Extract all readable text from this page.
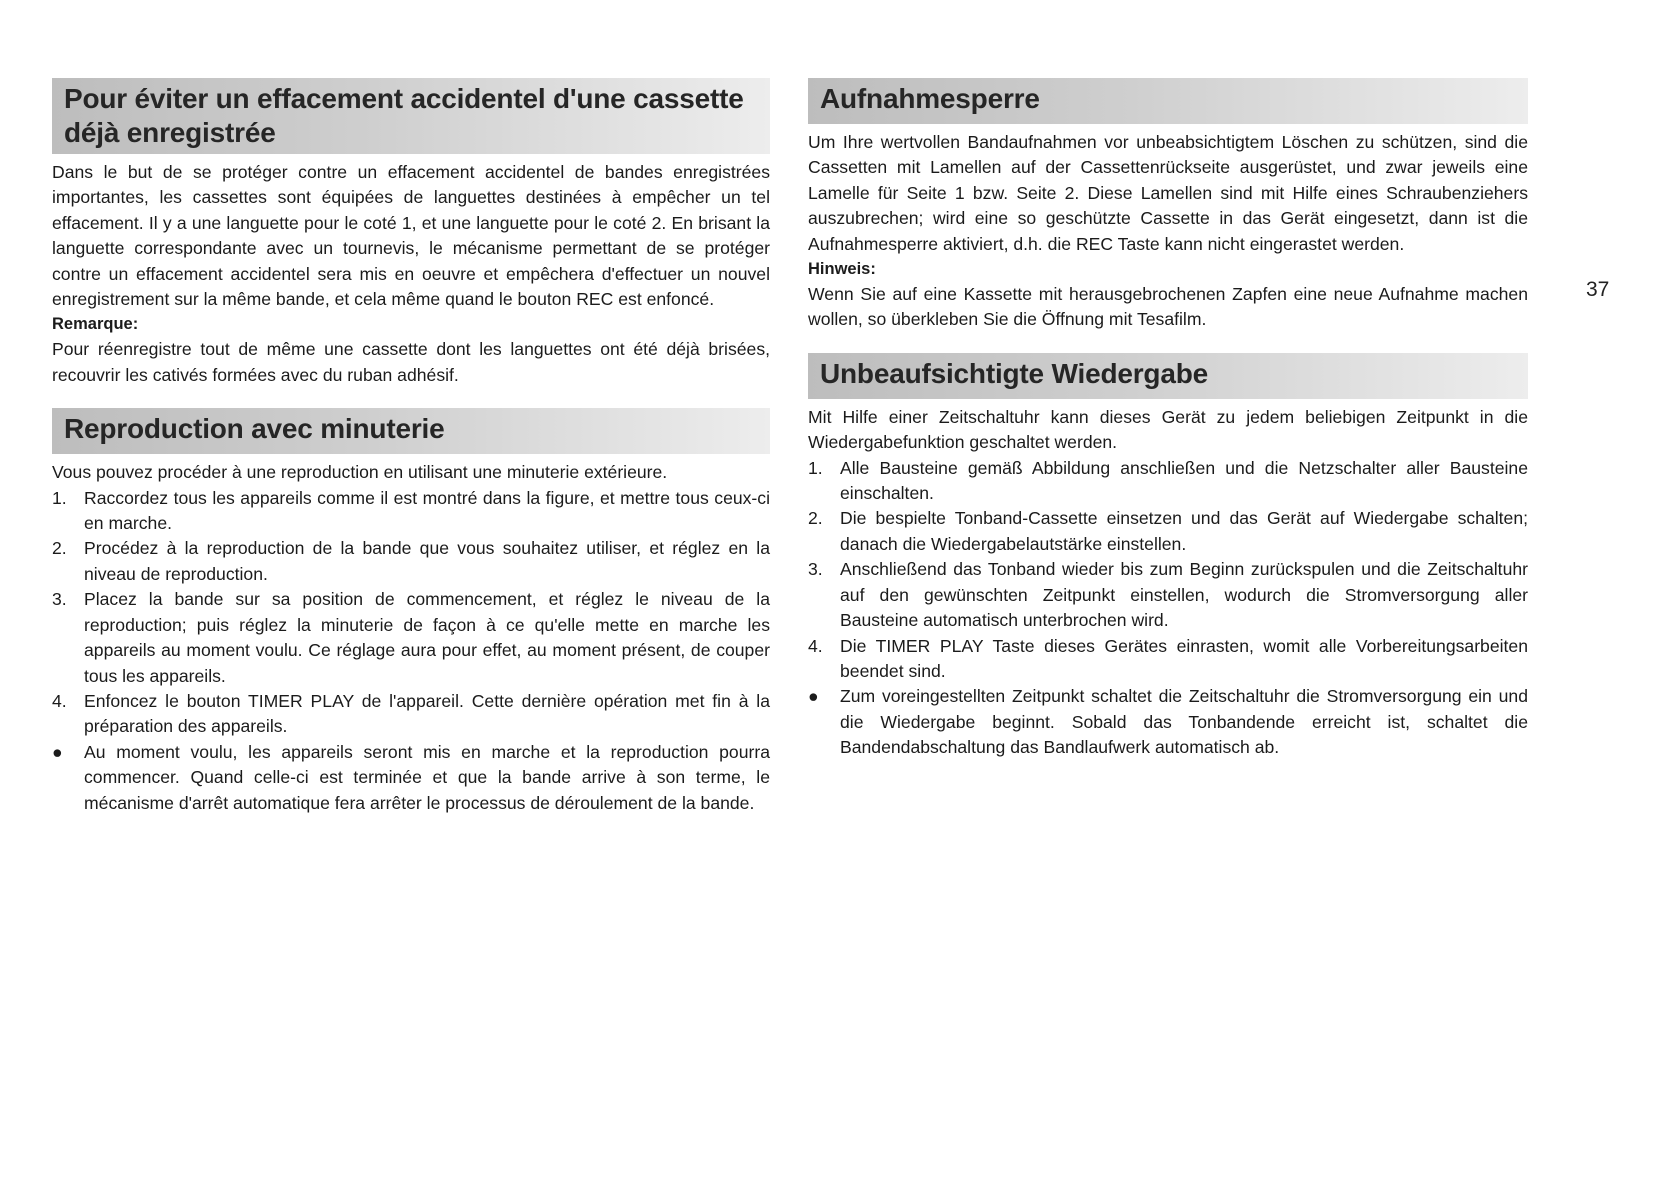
Pour éviter un effacement accidentel d'une cassette déjà enregistrée

Dans le but de se protéger contre un effacement accidentel de bandes enregistrées importantes, les cassettes sont équipées de languettes destinées à empêcher un tel effacement. Il y a une languette pour le coté 1, et une languette pour le coté 2. En brisant la languette correspondante avec un tournevis, le mécanisme permettant de se protéger contre un effacement accidentel sera mis en oeuvre et empêchera d'effectuer un nouvel enregistrement sur la même bande, et cela même quand le bouton REC est enfoncé.

Remarque:

Pour réenregistre tout de même une cassette dont les languettes ont été déjà brisées, recouvrir les cativés formées avec du ruban adhésif.

Reproduction avec minuterie

Vous pouvez procéder à une reproduction en utilisant une minuterie extérieure.

1. Raccordez tous les appareils comme il est montré dans la figure, et mettre tous ceux-ci en marche.
2. Procédez à la reproduction de la bande que vous souhaitez utiliser, et réglez en la niveau de reproduction.
3. Placez la bande sur sa position de commencement, et réglez le niveau de la reproduction; puis réglez la minuterie de façon à ce qu'elle mette en marche les appareils au moment voulu. Ce réglage aura pour effet, au moment présent, de couper tous les appareils.
4. Enfoncez le bouton TIMER PLAY de l'appareil. Cette dernière opération met fin à la préparation des appareils.
● Au moment voulu, les appareils seront mis en marche et la reproduction pourra commencer. Quand celle-ci est terminée et que la bande arrive à son terme, le mécanisme d'arrêt automatique fera arrêter le processus de déroulement de la bande.
Aufnahmesperre

Um Ihre wertvollen Bandaufnahmen vor unbeabsichtigtem Löschen zu schützen, sind die Cassetten mit Lamellen auf der Cassettenrückseite ausgerüstet, und zwar jeweils eine Lamelle für Seite 1 bzw. Seite 2. Diese Lamellen sind mit Hilfe eines Schraubenziehers auszubrechen; wird eine so geschützte Cassette in das Gerät eingesetzt, dann ist die Aufnahmesperre aktiviert, d.h. die REC Taste kann nicht eingerastet werden.

Hinweis:

Wenn Sie auf eine Kassette mit herausgebrochenen Zapfen eine neue Aufnahme machen wollen, so überkleben Sie die Öffnung mit Tesafilm.

Unbeaufsichtigte Wiedergabe

Mit Hilfe einer Zeitschaltuhr kann dieses Gerät zu jedem beliebigen Zeitpunkt in die Wiedergabefunktion geschaltet werden.

1. Alle Bausteine gemäß Abbildung anschließen und die Netzschalter aller Bausteine einschalten.
2. Die bespielte Tonband-Cassette einsetzen und das Gerät auf Wiedergabe schalten; danach die Wiedergabelautstärke einstellen.
3. Anschließend das Tonband wieder bis zum Beginn zurückspulen und die Zeitschaltuhr auf den gewünschten Zeitpunkt einstellen, wodurch die Stromversorgung aller Bausteine automatisch unterbrochen wird.
4. Die TIMER PLAY Taste dieses Gerätes einrasten, womit alle Vorbereitungsarbeiten beendet sind.
● Zum voreingestellten Zeitpunkt schaltet die Zeitschaltuhr die Stromversorgung ein und die Wiedergabe beginnt. Sobald das Tonbandende erreicht ist, schaltet die Bandendabschaltung das Bandlaufwerk automatisch ab.
37
